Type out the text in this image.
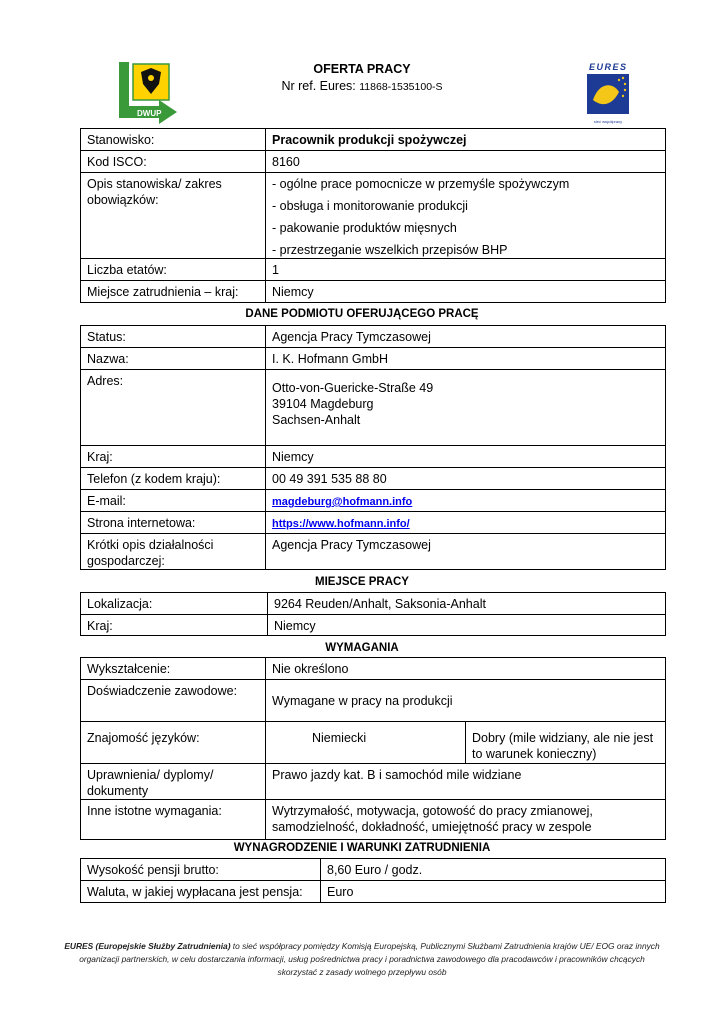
DWUP
EURES
sieć współpracy
OFERTA PRACY
Nr ref. Eures: 11868-1535100-S
Stanowisko:	Pracownik produkcji spożywczej
Kod ISCO:	8160
Opis stanowiska/ zakres obowiązków:	- ogólne prace pomocnicze w przemyśle spożywczym
- obsługa i monitorowanie produkcji
- pakowanie produktów mięsnych
- przestrzeganie wszelkich przepisów BHP

Liczba etatów:	1
Miejsce zatrudnienia – kraj:	Niemcy
DANE PODMIOTU OFERUJĄCEGO PRACĘ
Status:	Agencja Pracy Tymczasowej
Nazwa:	I. K. Hofmann GmbH
Adres:	Otto-von-Guericke-Straße 49
39104 Magdeburg
Sachsen-Anhalt

Kraj:	Niemcy
Telefon (z kodem kraju):	00 49 391 535 88 80
E-mail:	magdeburg@hofmann.info
Strona internetowa:	https://www.hofmann.info/
Krótki opis działalności gospodarczej:	Agencja Pracy Tymczasowej
MIEJSCE PRACY
Lokalizacja:	9264 Reuden/Anhalt, Saksonia-Anhalt
Kraj:	Niemcy
WYMAGANIA
Wykształcenie:	Nie określono	
Doświadczenie zawodowe:	Wymagane w pracy na produkcji	
Znajomość języków:	Niemiecki	Dobry (mile widziany, ale nie jest to warunek konieczny)
Uprawnienia/ dyplomy/ dokumenty	Prawo jazdy kat. B i samochód mile widziane	
Inne istotne wymagania:	Wytrzymałość, motywacja, gotowość do pracy zmianowej, samodzielność, dokładność, umiejętność pracy w zespole	
WYNAGRODZENIE I WARUNKI ZATRUDNIENIA
Wysokość pensji brutto:	8,60 Euro / godz.
Waluta, w jakiej wypłacana jest pensja:	Euro
EURES (Europejskie Służby Zatrudnienia) to sieć współpracy pomiędzy Komisją Europejską, Publicznymi Służbami Zatrudnienia krajów UE/ EOG oraz innych organizacji partnerskich, w celu dostarczania informacji, usług pośrednictwa pracy i poradnictwa zawodowego dla pracodawców i pracowników chcących skorzystać z zasady wolnego przepływu osób
